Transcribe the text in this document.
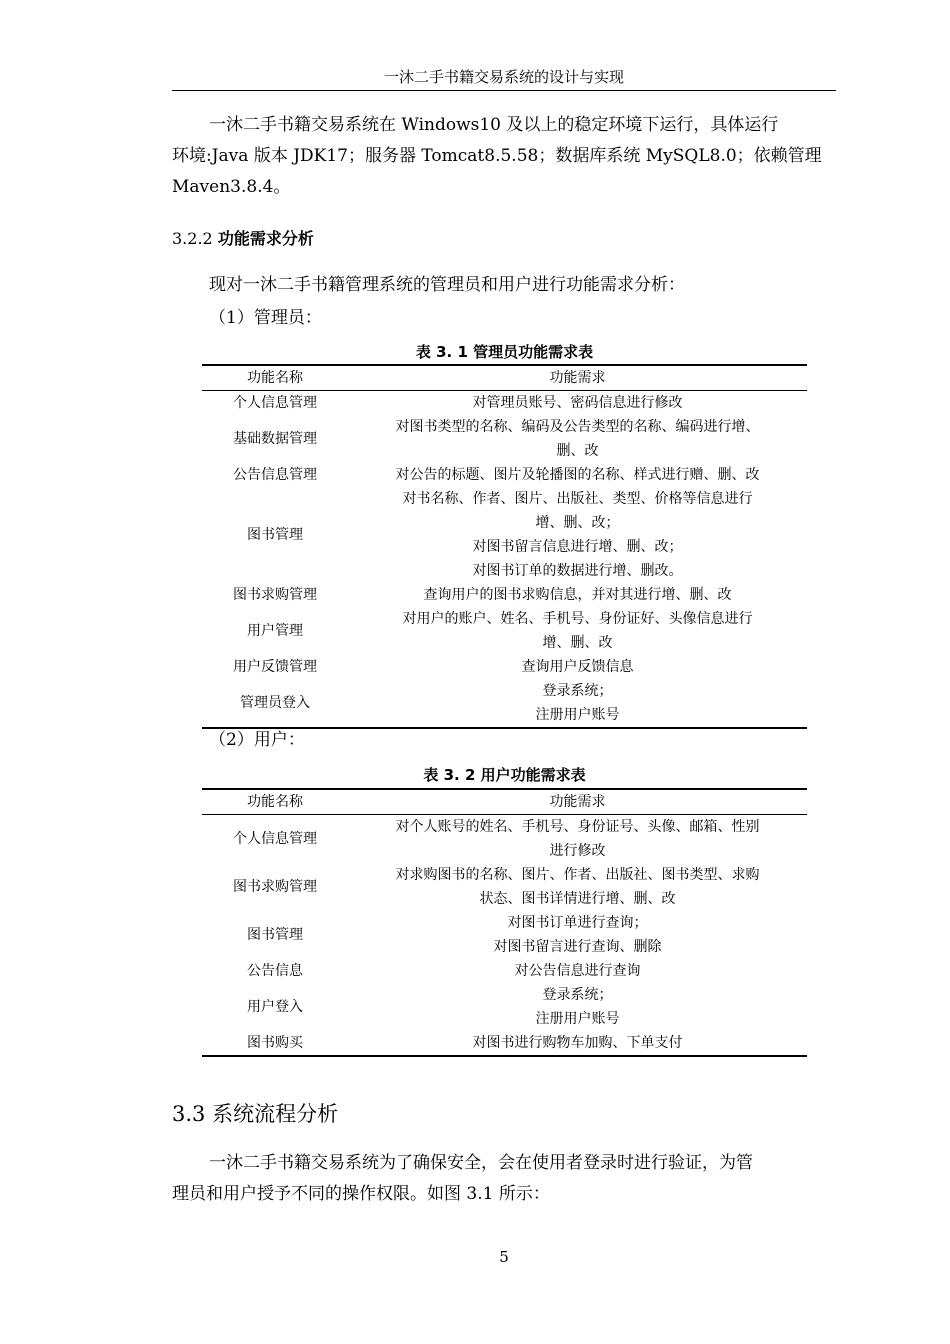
一沐二手书籍交易系统的设计与实现
一沐二手书籍交易系统在 Windows10 及以上的稳定环境下运行，具体运行
环境:Java 版本 JDK17；服务器 Tomcat8.5.58；数据库系统 MySQL8.0；依赖管理
Maven3.8.4。
3.2.2 功能需求分析
现对一沐二手书籍管理系统的管理员和用户进行功能需求分析：
（1）管理员：
表 3. 1 管理员功能需求表
功能名称	功能需求
个人信息管理	对管理员账号、密码信息进行修改

基础数据管理	对图书类型的名称、编码及公告类型的名称、编码进行增、
删、改

公告信息管理	对公告的标题、图片及轮播图的名称、样式进行赠、删、改

图书管理	对书名称、作者、图片、出版社、类型、价格等信息进行
增、删、改；
对图书留言信息进行增、删、改；
对图书订单的数据进行增、删改。

图书求购管理	查询用户的图书求购信息，并对其进行增、删、改

用户管理	对用户的账户、姓名、手机号、身份证好、头像信息进行
增、删、改

用户反馈管理	查询用户反馈信息

管理员登入	登录系统；
注册用户账号
（2）用户：
表 3. 2 用户功能需求表
功能名称	功能需求
个人信息管理	对个人账号的姓名、手机号、身份证号、头像、邮箱、性别
进行修改

图书求购管理	对求购图书的名称、图片、作者、出版社、图书类型、求购
状态、图书详情进行增、删、改

图书管理	对图书订单进行查询；
对图书留言进行查询、删除

公告信息	对公告信息进行查询

用户登入	登录系统；
注册用户账号

图书购买	对图书进行购物车加购、下单支付
3.3 系统流程分析
一沐二手书籍交易系统为了确保安全，会在使用者登录时进行验证，为管
理员和用户授予不同的操作权限。如图 3.1 所示：
5
